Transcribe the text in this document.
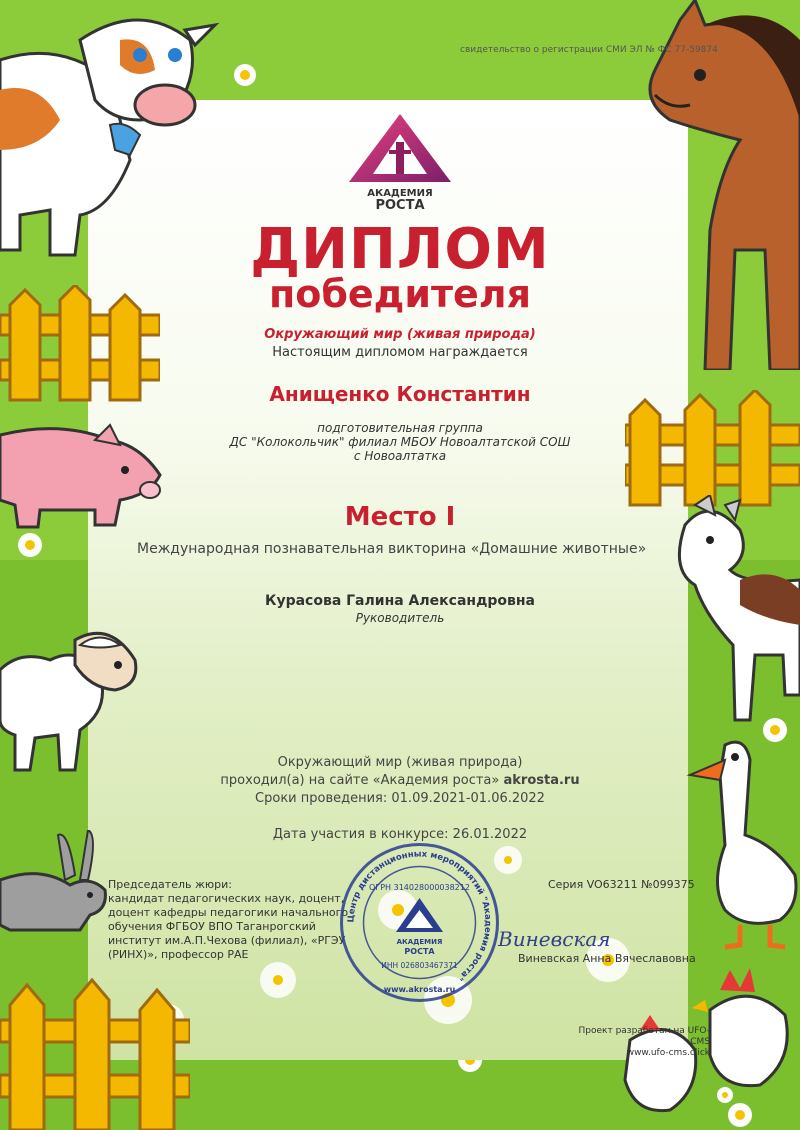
свидетельство о регистрации СМИ ЭЛ № ФС 77-59874
АКАДЕМИЯ
РОСТА
ДИПЛОМ
победителя
Окружающий мир (живая природа)
Настоящим дипломом награждается
Анищенко Константин
подготовительная группа
ДС "Колокольчик" филиал МБОУ Новоалтатской СОШ
с Новоалтатка
Место I
Международная познавательная викторина «Домашние животные»
Курасова Галина Александровна
Руководитель
Окружающий мир (живая природа)
проходил(а) на сайте «Академия роста» akrosta.ru
Сроки проведения: 01.09.2021-01.06.2022
Дата участия в конкурсе: 26.01.2022
Председатель жюри:
кандидат педагогических наук, доцент,
доцент кафедры педагогики начального
обучения ФГБОУ ВПО Таганрогский
институт им.А.П.Чехова (филиал), «РГЭУ
(РИНХ)», профессор РАЕ
Центр дистанционных мероприятий "Академия роста"
ОГРН 314028000038212
АКАДЕМИЯ
РОСТА
ИНН 026803467371
www.akrosta.ru
Серия VO63211 №099375
Виневская
Виневская Анна Вячеславовна
Проект разработан на UFO-CMS
www.ufo-cms.click
